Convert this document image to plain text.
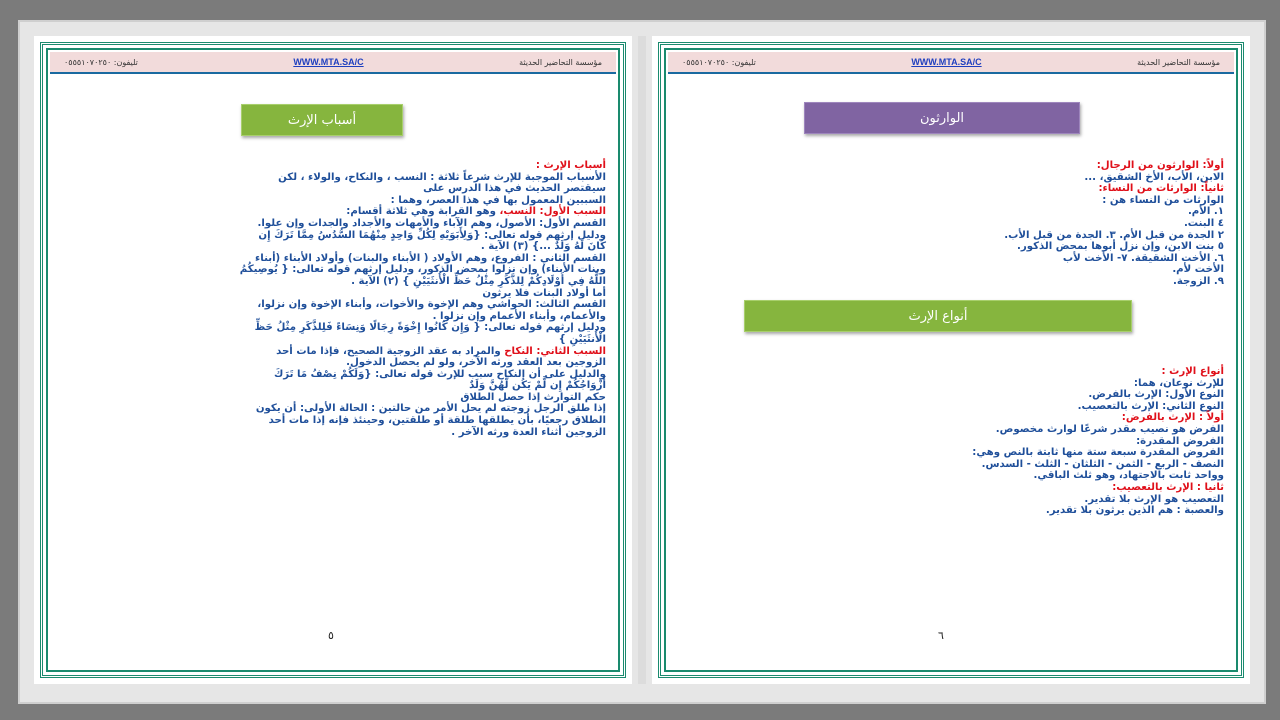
تليفون: ٠٥٥٥١٠٧٠٢٥٠	WWW.MTA.SA/C	مؤسسة التحاضير الحديثة
أسباب الإرث
أسباب الإرث :
الأسباب الموجبة للإرث شرعاً ثلاثة : النسب ، والنكاح، والولاء ، لكن
سيقتصر الحديث في هذا الدرس على
السببين المعمول بها في هذا العصر، وهما :
السبب الأول: النسب، وهو القرابة وهي ثلاثة أقسام:
القسم الأول: الأصول، وهم الآباء والأمهات والأجداد والجدات وإن علوا.
ودليل إرثهم قوله تعالى: {وَلِأَبَوَيْهِ لِكُلِّ وَاحِدٍ مِنْهُمَا السُّدُسُ مِمَّا تَرَكَ إِن
كَانَ لَهُ وَلَدٌ ...} (٣) الآية .
القسم الثاني : الفروع، وهم الأولاد ( الأبناء والبنات) وأولاد الأبناء (أبناء
وبنات الأبناء) وإن نزلوا بمحض الذكور، ودليل إرثهم قوله تعالى: { يُوصِيكُمُ
اللَّهُ فِي أَوْلَادِكُمْ لِلذَّكَرِ مِثْلُ حَظِّ الْأُنثَيَيْنِ } (٢) الآية .
أما أولاد البنات فلا يرثون
القسم الثالث: الحواشي وهم الإخوة والأخوات، وأبناء الإخوة وإن نزلوا،
والأعمام، وأبناء الأعمام وإن نزلوا .
ودليل إرثهم قوله تعالى: { وَإِن كَانُوا إِخْوَةً رِجَالًا وَنِسَاءً فَلِلذَّكَرِ مِثْلُ حَظِّ
الْأُنثَيَيْنِ }
السبب الثاني: النكاح والمراد به عقد الزوجية الصحيح، فإذا مات أحد
الزوجين بعد العقد ورثه الآخر، ولو لم يحصل الدخول.
والدليل على أن النكاح سبب للإرث قوله تعالى: {وَلَكُمْ نِصْفُ مَا تَرَكَ
أَزْوَاجُكُمْ إِن لَّمْ يَكُن لَّهُنَّ وَلَدٌ
حكم التوارث إذا حصل الطلاق
إذا طلق الرجل زوجته لم يحل الأمر من حالتين : الحالة الأولى: أن يكون
الطلاق رجعيًا، بأن يطلقها طلقة أو طلقتين، وحينئذ فإنه إذا مات أحد
الزوجين أثناء العدة ورثه الآخر .
٥
تليفون: ٠٥٥٥١٠٧٠٢٥٠	WWW.MTA.SA/C	مؤسسة التحاضير الحديثة
الوارثون
أولاً: الوارثون من الرجال:
الابن، الأب، الأخ الشقيق، ...
ثانياً: الوارثات من النساء:
الوارثات من النساء هن :
١. الأم.
٤ البنت.
٢ الجدة من قبل الأم. ٣. الجدة من قبل الأب.
٥ بنت الابن، وإن نزل أبوها بمحض الذكور.
٦. الأخت الشقيقة. ٧- الأخت لأب
الأخت لأم.
٩. الزوجة.
أنواع الإرث
أنواع الإرث :
للإرث نوعان، هما:
النوع الأول: الإرث بالفرض.
النوع الثاني: الإرث بالتعصيب.
أولاً : الإرث بالفرض:
الفرض هو نصيب مقدر شرعًا لوارث مخصوص.
الفروض المقدرة:
الفروض المقدرة سبعة ستة منها ثابتة بالنص وهي:
النصف - الربع - الثمن - الثلثان - الثلث - السدس.
وواحد ثابت بالاجتهاد، وهو ثلث الباقي.
ثانيا : الإرث بالتعصيب:
التعصيب هو الإرث بلا تقدير.
والعصبة : هم الذين يرثون بلا تقدير.
٦
